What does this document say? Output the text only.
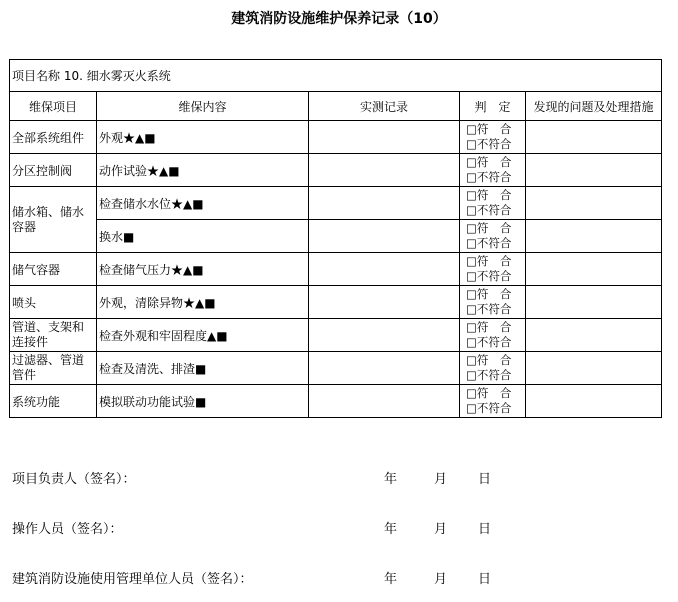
建筑消防设施维护保养记录（10）
项目名称 10. 细水雾灭火系统				
维保项目	维保内容	实测记录	判　定	发现的问题及处理措施
全部系统组件	外观★▲■		□符　合
□不符合	

分区控制阀	动作试验★▲■		□符　合
□不符合	

储水箱、储水容器	检查储水水位★▲■		□符　合
□不符合	

	换水■		□符　合
□不符合	

储气容器	检查储气压力★▲■		□符　合
□不符合	

喷头	外观，清除异物★▲■		□符　合
□不符合	

管道、支架和连接件	检查外观和牢固程度▲■		□符　合
□不符合	

过滤器、管道管件	检查及清洗、排渣■		□符　合
□不符合	

系统功能	模拟联动功能试验■		□符　合
□不符合	

项目负责人（签名）：	年	月 日
操作人员（签名）：	年	月 日
建筑消防设施使用管理单位人员（签名）：	年	月 日
